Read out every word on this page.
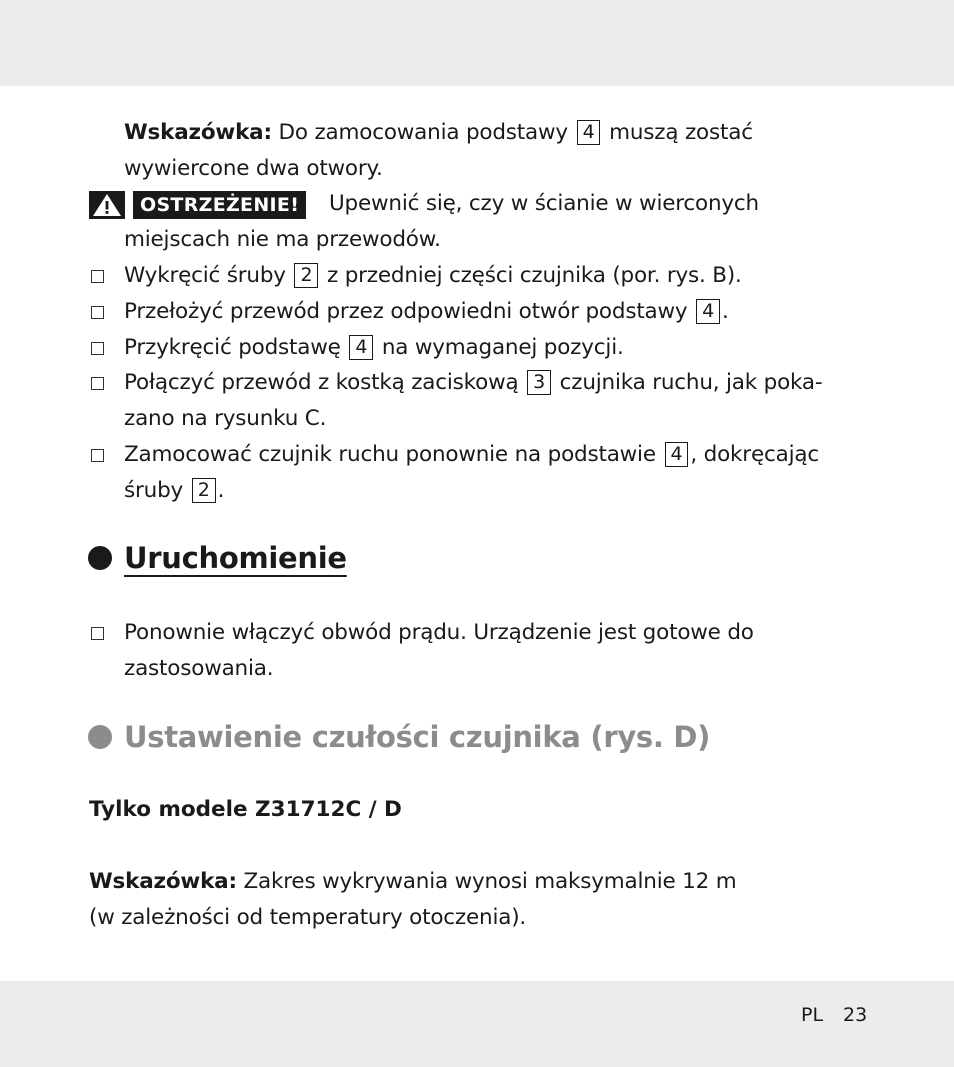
Wskazówka: Do zamocowania podstawy 4 muszą zostać
wywiercone dwa otwory.
OSTRZEŻENIE!	Upewnić się, czy w ścianie w wierconych
miejscach nie ma przewodów.
Wykręcić śruby 2 z przedniej części czujnika (por. rys. B).
Przełożyć przewód przez odpowiedni otwór podstawy 4 .
Przykręcić podstawę 4 na wymaganej pozycji.
Połączyć przewód z kostką zaciskową 3 czujnika ruchu, jak poka-
zano na rysunku C.
Zamocować czujnik ruchu ponownie na podstawie 4 , dokręcając
śruby 2 .
Uruchomienie
Ponownie włączyć obwód prądu. Urządzenie jest gotowe do
zastosowania.
Ustawienie czułości czujnika (rys. D)
Tylko modele Z31712C / D
Wskazówka: Zakres wykrywania wynosi maksymalnie 12 m
(w zależności od temperatury otoczenia).
PL 23
